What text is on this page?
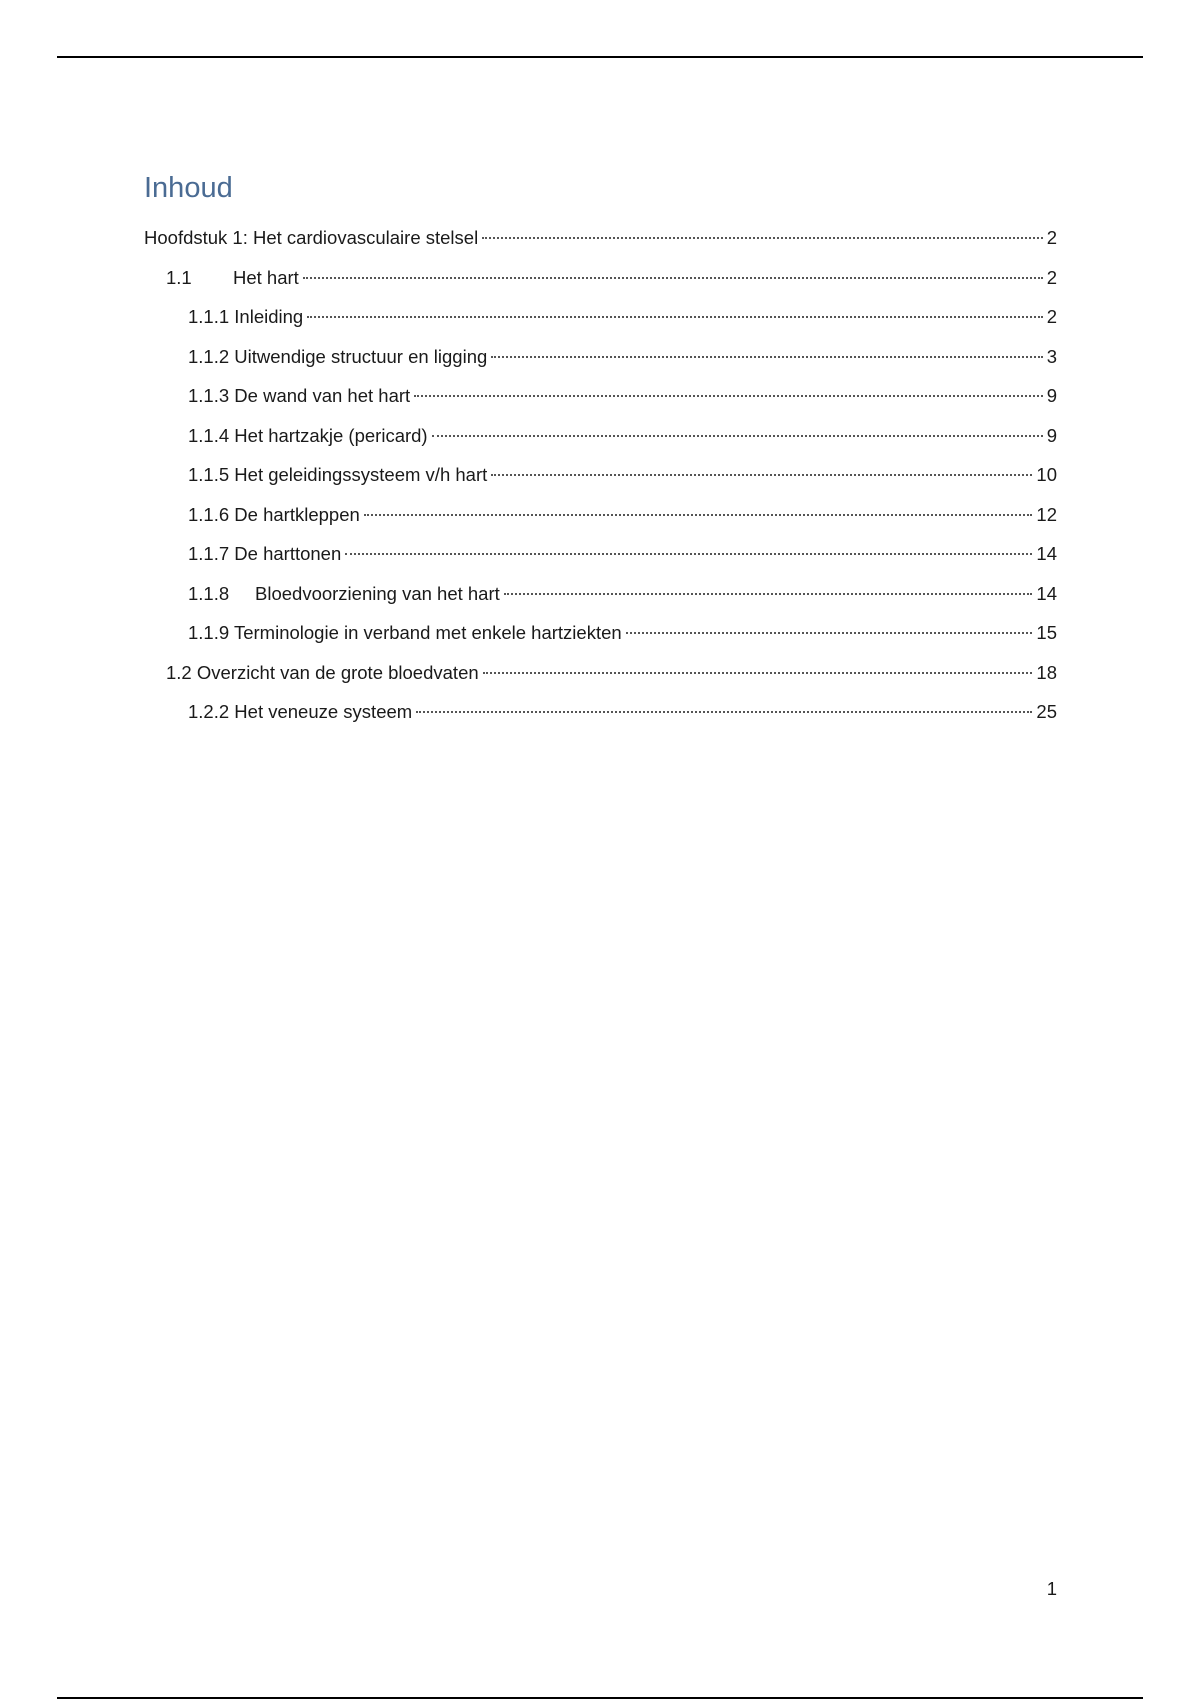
Inhoud
Hoofdstuk 1: Het cardiovasculaire stelsel	2
1.1 Het hart	2
1.1.1 Inleiding	2
1.1.2 Uitwendige structuur en ligging	3
1.1.3 De wand van het hart	9
1.1.4 Het hartzakje (pericard)	9
1.1.5 Het geleidingssysteem v/h hart	10
1.1.6 De hartkleppen	12
1.1.7 De harttonen	14
1.1.8 Bloedvoorziening van het hart	14
1.1.9 Terminologie in verband met enkele hartziekten	15
1.2 Overzicht van de grote bloedvaten	18
1.2.2 Het veneuze systeem	25
1
